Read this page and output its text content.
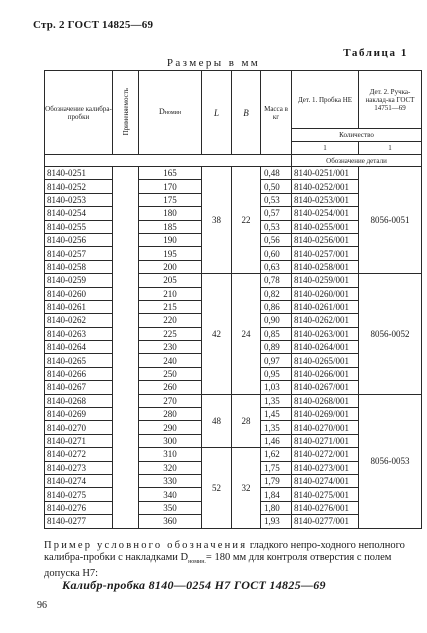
Стр. 2 ГОСТ 14825—69
Таблица 1
Размеры в мм
Обозначение калибра-пробки	Применяемость	Dномин	L	B	Масса в кг	Дет. 1. Пробка НЕ	Дет. 2. Ручка-наклад-ка ГОСТ 14751—69
						Количество	
						1	1
						Обозначение детали	
8140-0251		165	38	22	0,48	8140-0251/001	8056-0051
8140-0252		170			0,50	8140-0252/001	
8140-0253		175			0,53	8140-0253/001	
8140-0254		180			0,57	8140-0254/001	
8140-0255		185			0,53	8140-0255/001	
8140-0256		190			0,56	8140-0256/001	
8140-0257		195			0,60	8140-0257/001	
8140-0258		200			0,63	8140-0258/001	
8140-0259		205	42	24	0,78	8140-0259/001	8056-0052
8140-0260		210			0,82	8140-0260/001	
8140-0261		215			0,86	8140-0261/001	
8140-0262		220			0,90	8140-0262/001	
8140-0263		225			0,85	8140-0263/001	
8140-0264		230			0,89	8140-0264/001	
8140-0265		240			0,97	8140-0265/001	
8140-0266		250			0,95	8140-0266/001	
8140-0267		260			1,03	8140-0267/001	
8140-0268		270	48	28	1,35	8140-0268/001	8056-0053
8140-0269		280			1,45	8140-0269/001	
8140-0270		290			1,35	8140-0270/001	
8140-0271		300			1,46	8140-0271/001	
8140-0272		310	52	32	1,62	8140-0272/001	
8140-0273		320			1,75	8140-0273/001	
8140-0274		330			1,79	8140-0274/001	
8140-0275		340			1,84	8140-0275/001	
8140-0276		350			1,80	8140-0276/001	
8140-0277		360			1,93	8140-0277/001	
Пример условного обозначения гладкого непро-ходного неполного калибра-пробки с накладками $D_{номин.}= 180$ мм для контроля отверстия с полем допуска H7:
Калибр-пробка 8140—0254 H7 ГОСТ 14825—69
96
